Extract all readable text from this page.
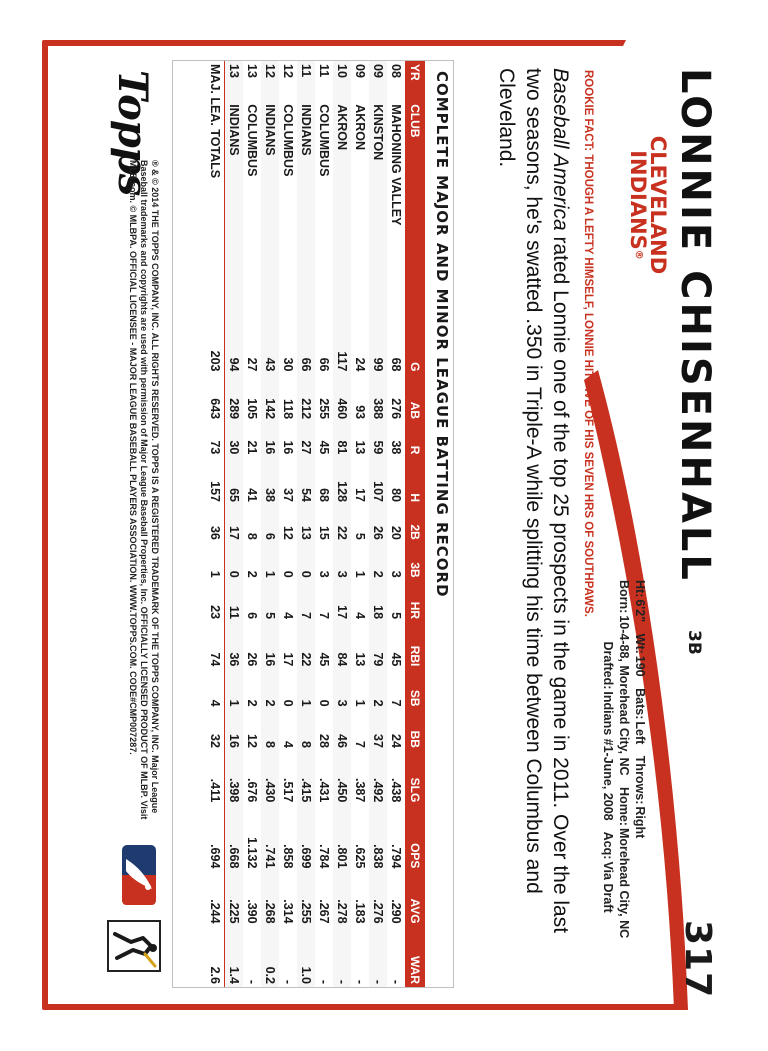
LONNIE CHISENHALL
3B
317
CLEVELAND
INDIANS®
Ht:6'2" Wt:190 Bats:Left Throws:Right
Born:10-4-88, Morehead City, NC Home:Morehead City, NC
Drafted:Indians #1-June, 2008 Acq:Via Draft
ROOKIE FACT: THOUGH A LEFTY HIMSELF, LONNIE HIT FIVE OF HIS SEVEN HRS OF SOUTHPAWS.
Baseball America rated Lonnie one of the top 25 prospects in the game in 2011. Over the last two seasons, he's swatted .350 in Triple-A while splitting his time between Columbus and Cleveland.
COMPLETE MAJOR AND MINOR LEAGUE BATTING RECORD
YR	CLUB	G	AB	R	H	2B	3B	HR	RBI	SB	BB	SLG	OPS	AVG	WAR
08	MAHONING VALLEY	68	276	38	80	20	3	5	45	7	24	.438	.794	.290	-
09	KINSTON	99	388	59	107	26	2	18	79	2	37	.492	.838	.276	-
09	AKRON	24	93	13	17	5	1	4	13	1	7	.387	.625	.183	-
10	AKRON	117	460	81	128	22	3	17	84	3	46	.450	.801	.278	-
11	COLUMBUS	66	255	45	68	15	3	7	45	0	28	.431	.784	.267	-
11	INDIANS	66	212	27	54	13	0	7	22	1	8	.415	.699	.255	1.0
12	COLUMBUS	30	118	16	37	12	0	4	17	0	4	.517	.858	.314	-
12	INDIANS	43	142	16	38	6	1	5	16	2	8	.430	.741	.268	0.2
13	COLUMBUS	27	105	21	41	8	2	6	26	2	12	.676	1.132	.390	-
13	INDIANS	94	289	30	65	17	0	11	36	1	16	.398	.668	.225	1.4
MAJ. LEA. TOTALS		203	643	73	157	36	1	23	74	4	32	.411	.694	.244	2.6
Topps
® & © 2014 THE TOPPS COMPANY, INC. ALL RIGHTS RESERVED. TOPPS IS A REGISTERED TRADEMARK OF THE TOPPS COMPANY, INC. Major League Baseball trademarks and copyrights are used with permission of Major League Baseball Properties, Inc. OFFICIALLY LICENSED PRODUCT OF MLBP. Visit MLB.com. © MLBPA. OFFICIAL LICENSEE - MAJOR LEAGUE BASEBALL PLAYERS ASSOCIATION. WWW.TOPPS.COM. CODE#CMP007287.
